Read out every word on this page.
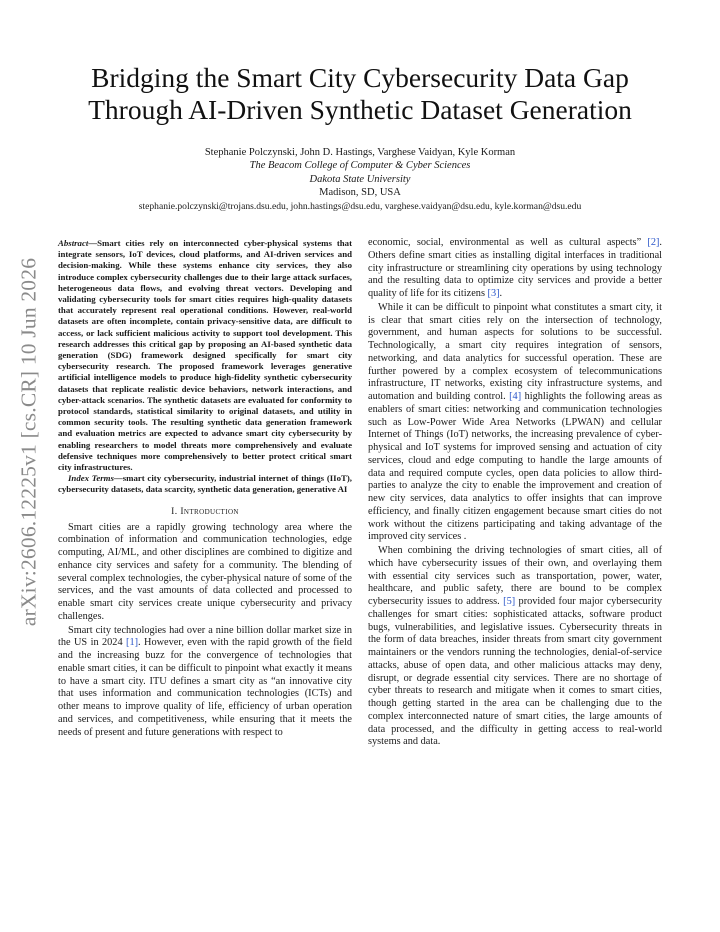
arXiv:2606.12225v1 [cs.CR] 10 Jun 2026
Bridging the Smart City Cybersecurity Data Gap
Through AI-Driven Synthetic Dataset Generation
Stephanie Polczynski, John D. Hastings, Varghese Vaidyan, Kyle Korman
The Beacom College of Computer & Cyber Sciences
Dakota State University
Madison, SD, USA
stephanie.polczynski@trojans.dsu.edu, john.hastings@dsu.edu, varghese.vaidyan@dsu.edu, kyle.korman@dsu.edu

Abstract—Smart cities rely on interconnected cyber-physical systems that integrate sensors, IoT devices, cloud platforms, and AI-driven services and decision-making. While these systems enhance city services, they also introduce complex cybersecurity challenges due to their large attack surfaces, heterogeneous data flows, and evolving threat vectors. Developing and validating cybersecurity tools for smart cities requires high-quality datasets that accurately represent real operational conditions. However, real-world datasets are often incomplete, contain privacy-sensitive data, are difficult to access, or lack sufficient malicious activity to support tool development. This research addresses this critical gap by proposing an AI-based synthetic data generation (SDG) framework designed specifically for smart city cybersecurity research. The proposed framework leverages generative artificial intelligence models to produce high-fidelity synthetic cybersecurity datasets that replicate realistic device behaviors, network interactions, and cyber-attack scenarios. The synthetic datasets are evaluated for conformity to protocol standards, statistical similarity to original datasets, and utility in common security tools. The resulting synthetic data generation framework and evaluation metrics are expected to advance smart city cybersecurity by enabling researchers to model threats more comprehensively and evaluate defensive techniques more comprehensively to better protect critical smart city infrastructures.

Index Terms—smart city cybersecurity, industrial internet of things (IIoT), cybersecurity datasets, data scarcity, synthetic data generation, generative AI

I. Introduction

Smart cities are a rapidly growing technology area where the combination of information and communication technologies, edge computing, AI/ML, and other disciplines are combined to digitize and enhance city services and safety for a community. The blending of several complex technologies, the cyber-physical nature of some of the services, and the vast amounts of data collected and processed to enable smart city services create unique cybersecurity and privacy challenges.

Smart city technologies had over a nine billion dollar market size in the US in 2024 [1]. However, even with the rapid growth of the field and the increasing buzz for the convergence of technologies that enable smart cities, it can be difficult to pinpoint what exactly it means to have a smart city. ITU defines a smart city as “an innovative city that uses information and communication technologies (ICTs) and other means to improve quality of life, efficiency of urban operation and services, and competitiveness, while ensuring that it meets the needs of present and future generations with respect to

economic, social, environmental as well as cultural aspects” [2]. Others define smart cities as installing digital interfaces in traditional city infrastructure or streamlining city operations by using technology and the resulting data to optimize city services and provide a better quality of life for its citizens [3].

While it can be difficult to pinpoint what constitutes a smart city, it is clear that smart cities rely on the intersection of technology, government, and human aspects for solutions to be successful. Technologically, a smart city requires integration of sensors, networking, and data analytics for successful operation. These are further powered by a complex ecosystem of telecommunications infrastructure, IT networks, existing city infrastructure systems, and automation and building control. [4] highlights the following areas as enablers of smart cities: networking and communication technologies such as Low-Power Wide Area Networks (LPWAN) and cellular Internet of Things (IoT) networks, the increasing prevalence of cyber-physical and IoT systems for improved sensing and actuation of city services, cloud and edge computing to handle the large amounts of data and required compute cycles, open data policies to allow third-parties to analyze the city to enable the improvement and creation of new city services, data analytics to offer insights that can improve efficiency, and finally citizen engagement because smart cities do not work without the citizens participating and taking advantage of the improved city services .

When combining the driving technologies of smart cities, all of which have cybersecurity issues of their own, and overlaying them with essential city services such as transportation, power, water, healthcare, and public safety, there are bound to be complex cybersecurity issues to address. [5] provided four major cybersecurity challenges for smart cities: sophisticated attacks, software product bugs, vulnerabilities, and legislative issues. Cybersecurity threats in the form of data breaches, insider threats from smart city government maintainers or the vendors running the technologies, denial-of-service attacks, abuse of open data, and other malicious attacks may deny, disrupt, or degrade essential city services. There are no shortage of cyber threats to research and mitigate when it comes to smart cities, though getting started in the area can be challenging due to the complex interconnected nature of smart cities, the large amounts of data processed, and the difficulty in getting access to real-world systems and data.
